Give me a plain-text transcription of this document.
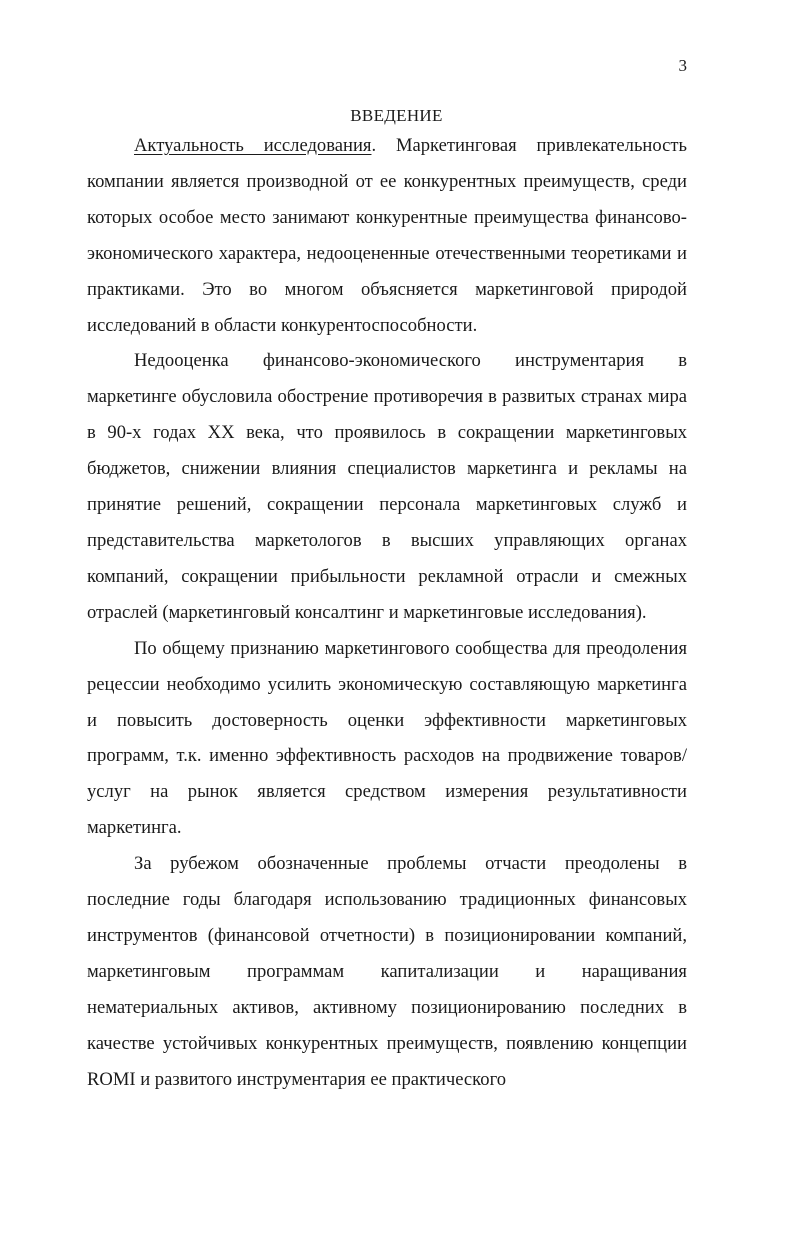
3
ВВЕДЕНИЕ

Актуальность исследования. Маркетинговая привлекательность компании является производной от ее конкурентных преимуществ, среди которых особое место занимают конкурентные преимущества финансово-экономического характера, недооцененные отечественными теоретиками и практиками. Это во многом объясняется маркетинговой природой исследований в области конкурентоспособности.

Недооценка финансово-экономического инструментария в маркетинге обусловила обострение противоречия в развитых странах мира в 90-х годах XX века, что проявилось в сокращении маркетинговых бюджетов, снижении влияния специалистов маркетинга и рекламы на принятие решений, сокращении персонала маркетинговых служб и представительства маркетологов в высших управляющих органах компаний, сокращении прибыльности рекламной отрасли и смежных отраслей (маркетинговый консалтинг и маркетинговые исследования).

По общему признанию маркетингового сообщества для преодоления рецессии необходимо усилить экономическую составляющую маркетинга и повысить достоверность оценки эффективности маркетинговых программ, т.к. именно эффективность расходов на продвижение товаров/услуг на рынок является средством измерения результативности маркетинга.

За рубежом обозначенные проблемы отчасти преодолены в последние годы благодаря использованию традиционных финансовых инструментов (финансовой отчетности) в позиционировании компаний, маркетинговым программам капитализации и наращивания нематериальных активов, активному позиционированию последних в качестве устойчивых конкурентных преимуществ, появлению концепции ROMI и развитого инструментария ее практического
